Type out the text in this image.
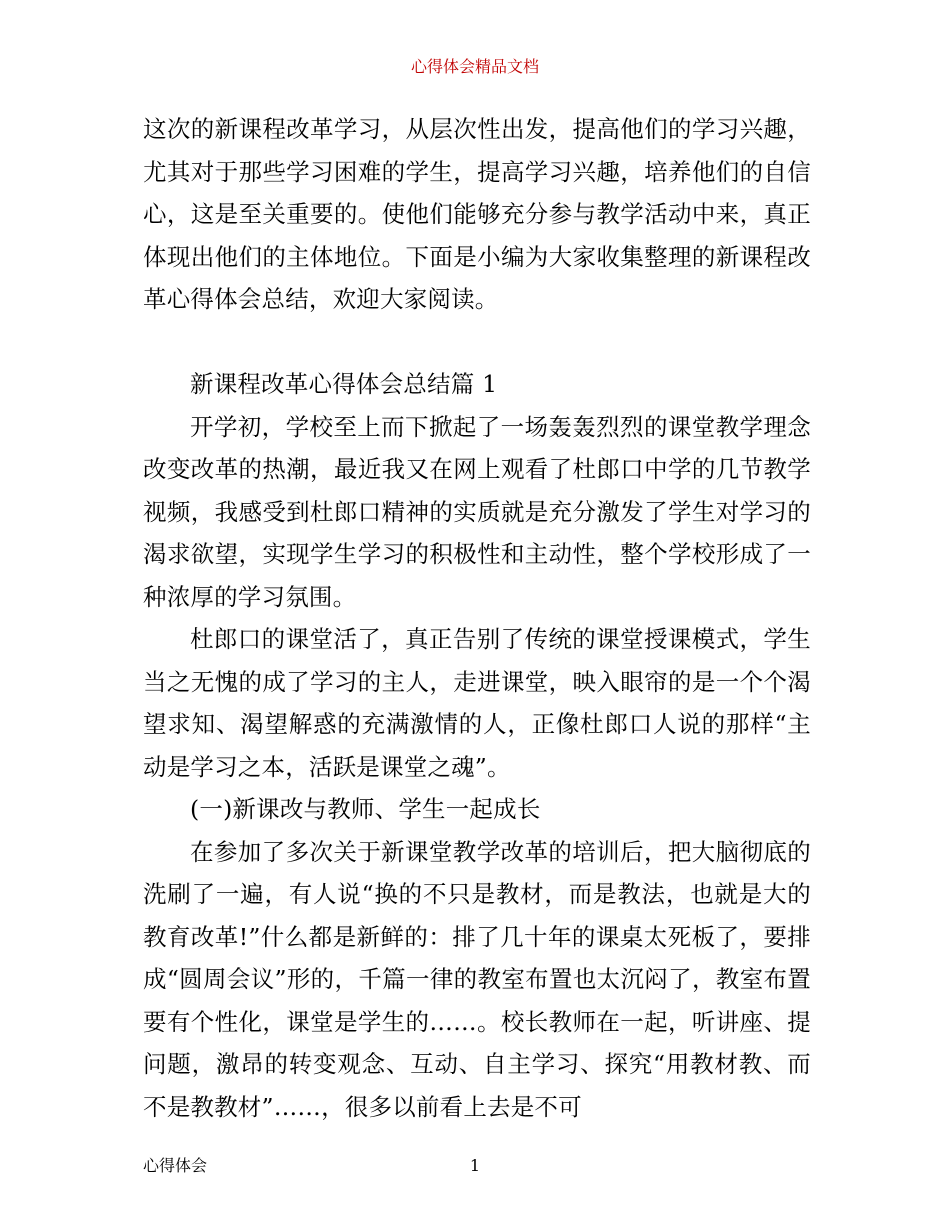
心得体会精品文档

这次的新课程改革学习，从层次性出发，提高他们的学习兴趣，尤其对于那些学习困难的学生，提高学习兴趣，培养他们的自信心，这是至关重要的。使他们能够充分参与教学活动中来，真正体现出他们的主体地位。下面是小编为大家收集整理的新课程改革心得体会总结，欢迎大家阅读。

新课程改革心得体会总结篇 1

开学初，学校至上而下掀起了一场轰轰烈烈的课堂教学理念改变改革的热潮，最近我又在网上观看了杜郎口中学的几节教学视频，我感受到杜郎口精神的实质就是充分激发了学生对学习的渴求欲望，实现学生学习的积极性和主动性，整个学校形成了一种浓厚的学习氛围。

杜郎口的课堂活了，真正告别了传统的课堂授课模式，学生当之无愧的成了学习的主人，走进课堂，映入眼帘的是一个个渴望求知、渴望解惑的充满激情的人，正像杜郎口人说的那样“主动是学习之本，活跃是课堂之魂”。

(一)新课改与教师、学生一起成长

在参加了多次关于新课堂教学改革的培训后，把大脑彻底的洗刷了一遍，有人说“换的不只是教材，而是教法，也就是大的教育改革!”什么都是新鲜的：排了几十年的课桌太死板了，要排成“圆周会议”形的，千篇一律的教室布置也太沉闷了，教室布置要有个性化，课堂是学生的……。校长教师在一起，听讲座、提问题，激昂的转变观念、互动、自主学习、探究“用教材教、而不是教教材”……，很多以前看上去是不可

心得体会	1
